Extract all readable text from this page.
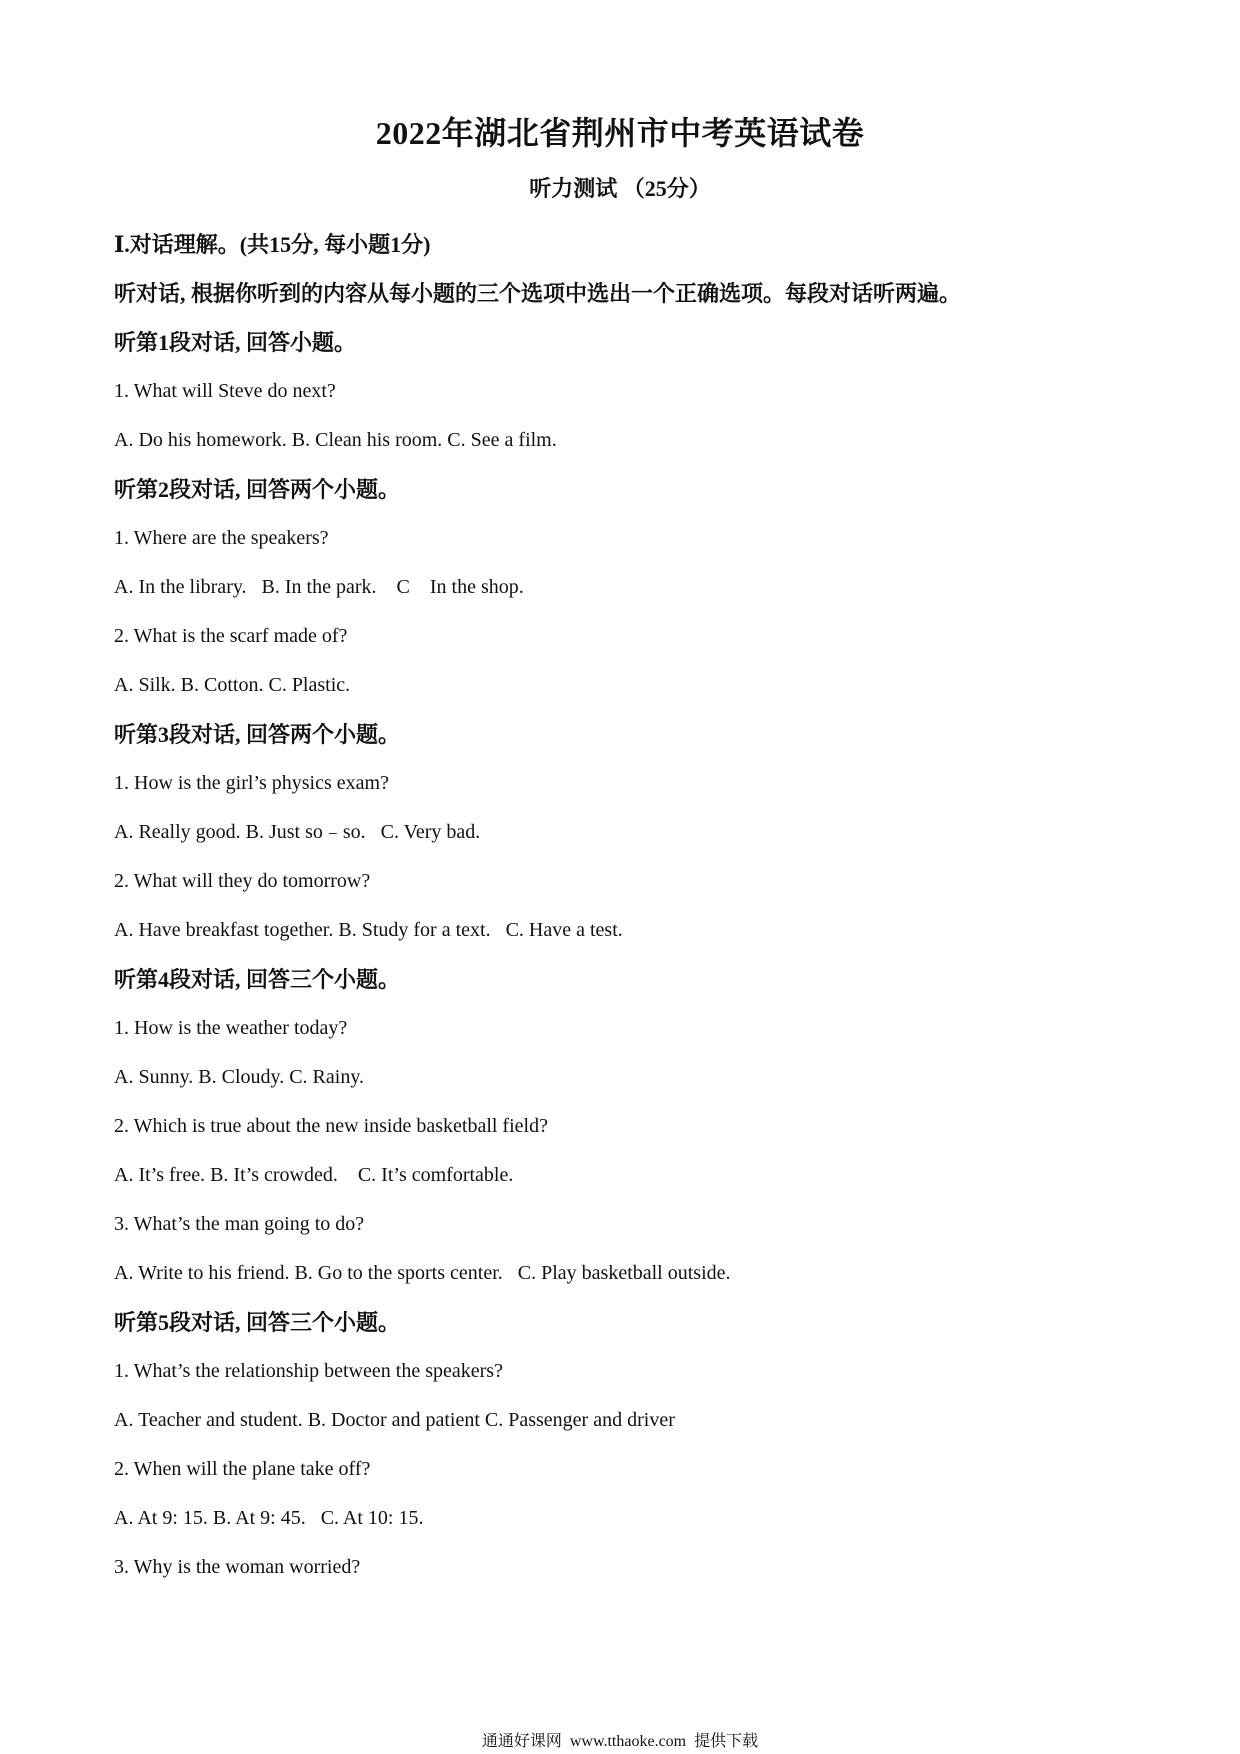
2022年湖北省荆州市中考英语试卷
听力测试 （25分）
Ⅰ.对话理解。(共15分, 每小题1分)
听对话, 根据你听到的内容从每小题的三个选项中选出一个正确选项。每段对话听两遍。
听第1段对话, 回答小题。
1. What will Steve do next?
A. Do his homework. B. Clean his room. C. See a film.
听第2段对话, 回答两个小题。
1. Where are the speakers?
A. In the library.   B. In the park.    C    In the shop.
2. What is the scarf made of?
A. Silk. B. Cotton. C. Plastic.
听第3段对话, 回答两个小题。
1. How is the girl’s physics exam?
A. Really good. B. Just so﹣so.   C. Very bad.
2. What will they do tomorrow?
A. Have breakfast together. B. Study for a text.   C. Have a test.
听第4段对话, 回答三个小题。
1. How is the weather today?
A. Sunny. B. Cloudy. C. Rainy.
2. Which is true about the new inside basketball field?
A. It’s free. B. It’s crowded.    C. It’s comfortable.
3. What’s the man going to do?
A. Write to his friend. B. Go to the sports center.   C. Play basketball outside.
听第5段对话, 回答三个小题。
1. What’s the relationship between the speakers?
A. Teacher and student. B. Doctor and patient C. Passenger and driver
2. When will the plane take off?
A. At 9: 15. B. At 9: 45.   C. At 10: 15.
3. Why is the woman worried?
通通好课网  www.tthaoke.com  提供下载
